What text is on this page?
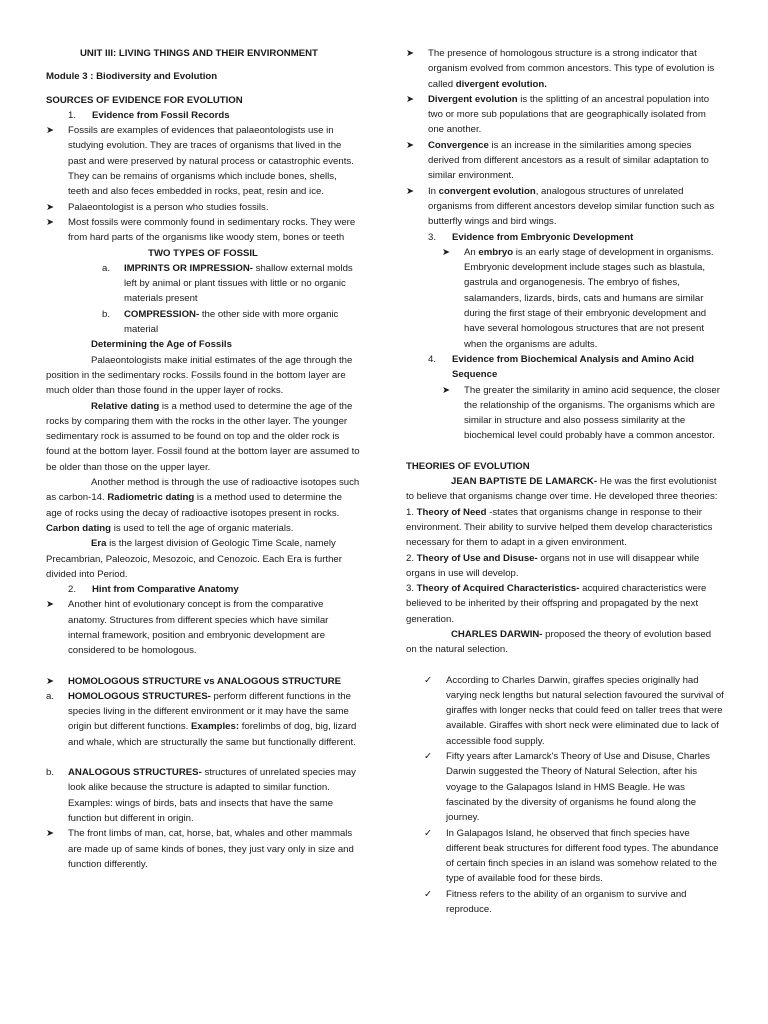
UNIT III: LIVING THINGS AND THEIR ENVIRONMENT

Module 3 : Biodiversity and Evolution

SOURCES OF EVIDENCE FOR EVOLUTION

1. Evidence from Fossil Records
➤ Fossils are examples of evidences that palaeontologists use in studying evolution. They are traces of organisms that lived in the past and were preserved by natural process or catastrophic events. They can be remains of organisms which include bones, shells, teeth and also feces embedded in rocks, peat, resin and ice.
➤ Palaeontologist is a person who studies fossils.
➤ Most fossils were commonly found in sedimentary rocks. They were from hard parts of the organisms like woody stem, bones or teeth

TWO TYPES OF FOSSIL

a. IMPRINTS OR IMPRESSION- shallow external molds left by animal or plant tissues with little or no organic materials present
b. COMPRESSION- the other side with more organic material

Determining the Age of Fossils

Palaeontologists make initial estimates of the age through the position in the sedimentary rocks. Fossils found in the bottom layer are much older than those found in the upper layer of rocks.

Relative dating is a method used to determine the age of the rocks by comparing them with the rocks in the other layer. The younger sedimentary rock is assumed to be found on top and the older rock is found at the bottom layer. Fossil found at the bottom layer are assumed to be older than those on the upper layer.

Another method is through the use of radioactive isotopes such as carbon-14. Radiometric dating is a method used to determine the age of rocks using the decay of radioactive isotopes present in rocks. Carbon dating is used to tell the age of organic materials.

Era is the largest division of Geologic Time Scale, namely Precambrian, Paleozoic, Mesozoic, and Cenozoic. Each Era is further divided into Period.

2. Hint from Comparative Anatomy
➤ Another hint of evolutionary concept is from the comparative anatomy. Structures from different species which have similar internal framework, position and embryonic development are considered to be homologous.
➤ HOMOLOGOUS STRUCTURE vs ANALOGOUS STRUCTURE
a. HOMOLOGOUS STRUCTURES- perform different functions in the species living in the different environment or it may have the same origin but different functions. Examples: forelimbs of dog, big, lizard and whale, which are structurally the same but functionally different.
b. ANALOGOUS STRUCTURES- structures of unrelated species may look alike because the structure is adapted to similar function. Examples: wings of birds, bats and insects that have the same function but different in origin.
➤ The front limbs of man, cat, horse, bat, whales and other mammals are made up of same kinds of bones, they just vary only in size and function differently.
➤ The presence of homologous structure is a strong indicator that organism evolved from common ancestors. This type of evolution is called divergent evolution.
➤ Divergent evolution is the splitting of an ancestral population into two or more sub populations that are geographically isolated from one another.
➤ Convergence is an increase in the similarities among species derived from different ancestors as a result of similar adaptation to similar environment.
➤ In convergent evolution, analogous structures of unrelated organisms from different ancestors develop similar function such as butterfly wings and bird wings.
3. Evidence from Embryonic Development
➤ An embryo is an early stage of development in organisms. Embryonic development include stages such as blastula, gastrula and organogenesis. The embryo of fishes, salamanders, lizards, birds, cats and humans are similar during the first stage of their embryonic development and have several homologous structures that are not present when the organisms are adults.
4. Evidence from Biochemical Analysis and Amino Acid Sequence
➤ The greater the similarity in amino acid sequence, the closer the relationship of the organisms. The organisms which are similar in structure and also possess similarity at the biochemical level could probably have a common ancestor.

THEORIES OF EVOLUTION

JEAN BAPTISTE DE LAMARCK- He was the first evolutionist to believe that organisms change over time. He developed three theories:

1. Theory of Need -states that organisms change in response to their environment. Their ability to survive helped them develop characteristics necessary for them to adapt in a given environment.

2. Theory of Use and Disuse- organs not in use will disappear while organs in use will develop.

3. Theory of Acquired Characteristics- acquired characteristics were believed to be inherited by their offspring and propagated by the next generation.

CHARLES DARWIN- proposed the theory of evolution based on the natural selection.

✓ According to Charles Darwin, giraffes species originally had varying neck lengths but natural selection favoured the survival of giraffes with longer necks that could feed on taller trees that were available. Giraffes with short neck were eliminated due to lack of accessible food supply.
✓ Fifty years after Lamarck's Theory of Use and Disuse, Charles Darwin suggested the Theory of Natural Selection, after his voyage to the Galapagos Island in HMS Beagle. He was fascinated by the diversity of organisms he found along the journey.
✓ In Galapagos Island, he observed that finch species have different beak structures for different food types. The abundance of certain finch species in an island was somehow related to the type of available food for these birds.
✓ Fitness refers to the ability of an organism to survive and reproduce.
